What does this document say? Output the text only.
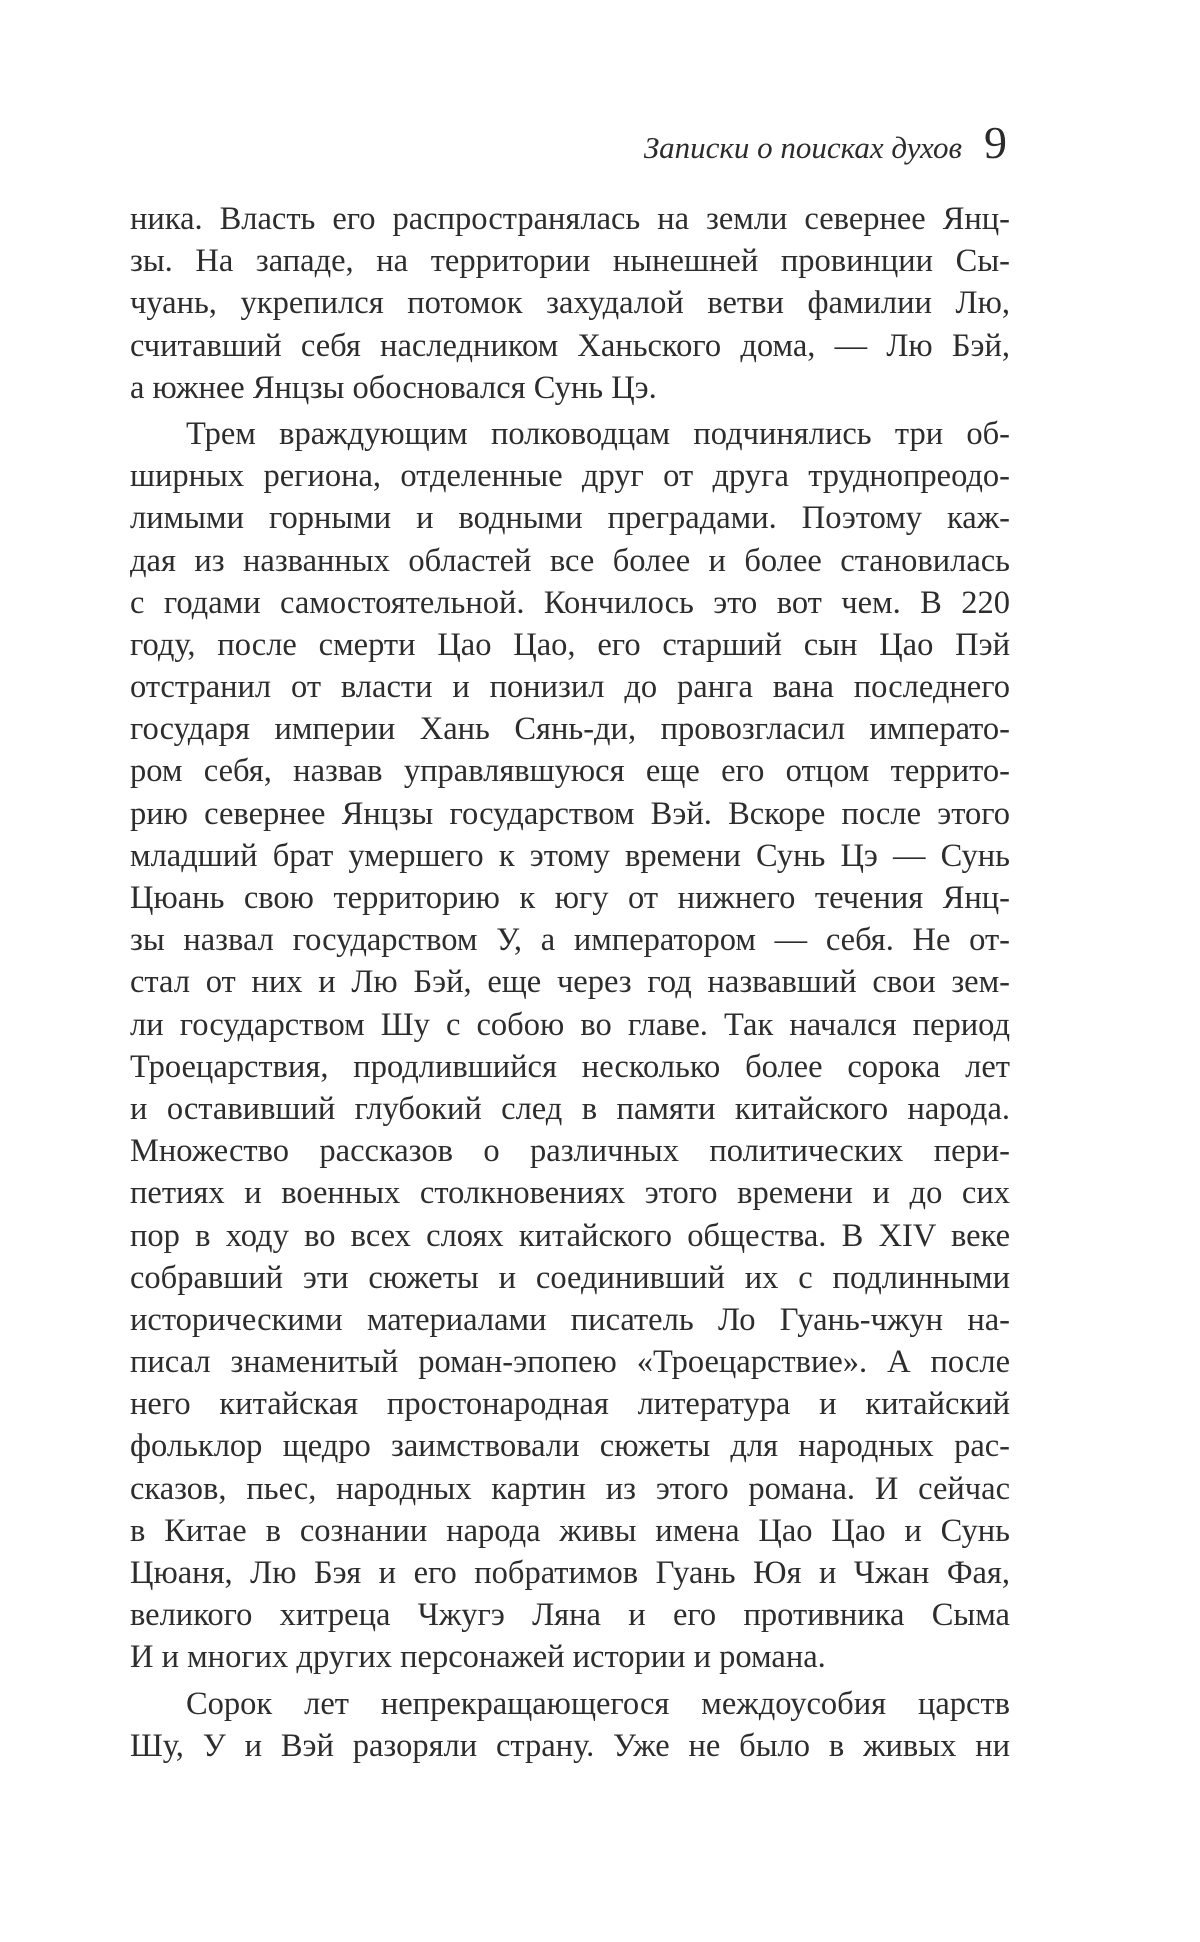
Записки о поисках духов 9
ника. Власть его распространялась на земли севернее Янц-
зы. На западе, на территории нынешней провинции Сы-
чуань, укрепился потомок захудалой ветви фамилии Лю,
считавший себя наследником Ханьского дома, — Лю Бэй,
а южнее Янцзы обосновался Сунь Цэ.
Трем враждующим полководцам подчинялись три об-
ширных региона, отделенные друг от друга труднопреодо-
лимыми горными и водными преградами. Поэтому каж-
дая из названных областей все более и более становилась
с годами самостоятельной. Кончилось это вот чем. В 220
году, после смерти Цао Цао, его старший сын Цао Пэй
отстранил от власти и понизил до ранга вана последнего
государя империи Хань Сянь-ди, провозгласил императо-
ром себя, назвав управлявшуюся еще его отцом террито-
рию севернее Янцзы государством Вэй. Вскоре после этого
младший брат умершего к этому времени Сунь Цэ — Сунь
Цюань свою территорию к югу от нижнего течения Янц-
зы назвал государством У, а императором — себя. Не от-
стал от них и Лю Бэй, еще через год назвавший свои зем-
ли государством Шу с собою во главе. Так начался период
Троецарствия, продлившийся несколько более сорока лет
и оставивший глубокий след в памяти китайского народа.
Множество рассказов о различных политических пери-
петиях и военных столкновениях этого времени и до сих
пор в ходу во всех слоях китайского общества. В XIV веке
собравший эти сюжеты и соединивший их с подлинными
историческими материалами писатель Ло Гуань-чжун на-
писал знаменитый роман-эпопею «Троецарствие». А после
него китайская простонародная литература и китайский
фольклор щедро заимствовали сюжеты для народных рас-
сказов, пьес, народных картин из этого романа. И сейчас
в Китае в сознании народа живы имена Цао Цао и Сунь
Цюаня, Лю Бэя и его побратимов Гуань Юя и Чжан Фая,
великого хитреца Чжугэ Ляна и его противника Сыма
И и многих других персонажей истории и романа.
Сорок лет непрекращающегося междоусобия царств
Шу, У и Вэй разоряли страну. Уже не было в живых ни
